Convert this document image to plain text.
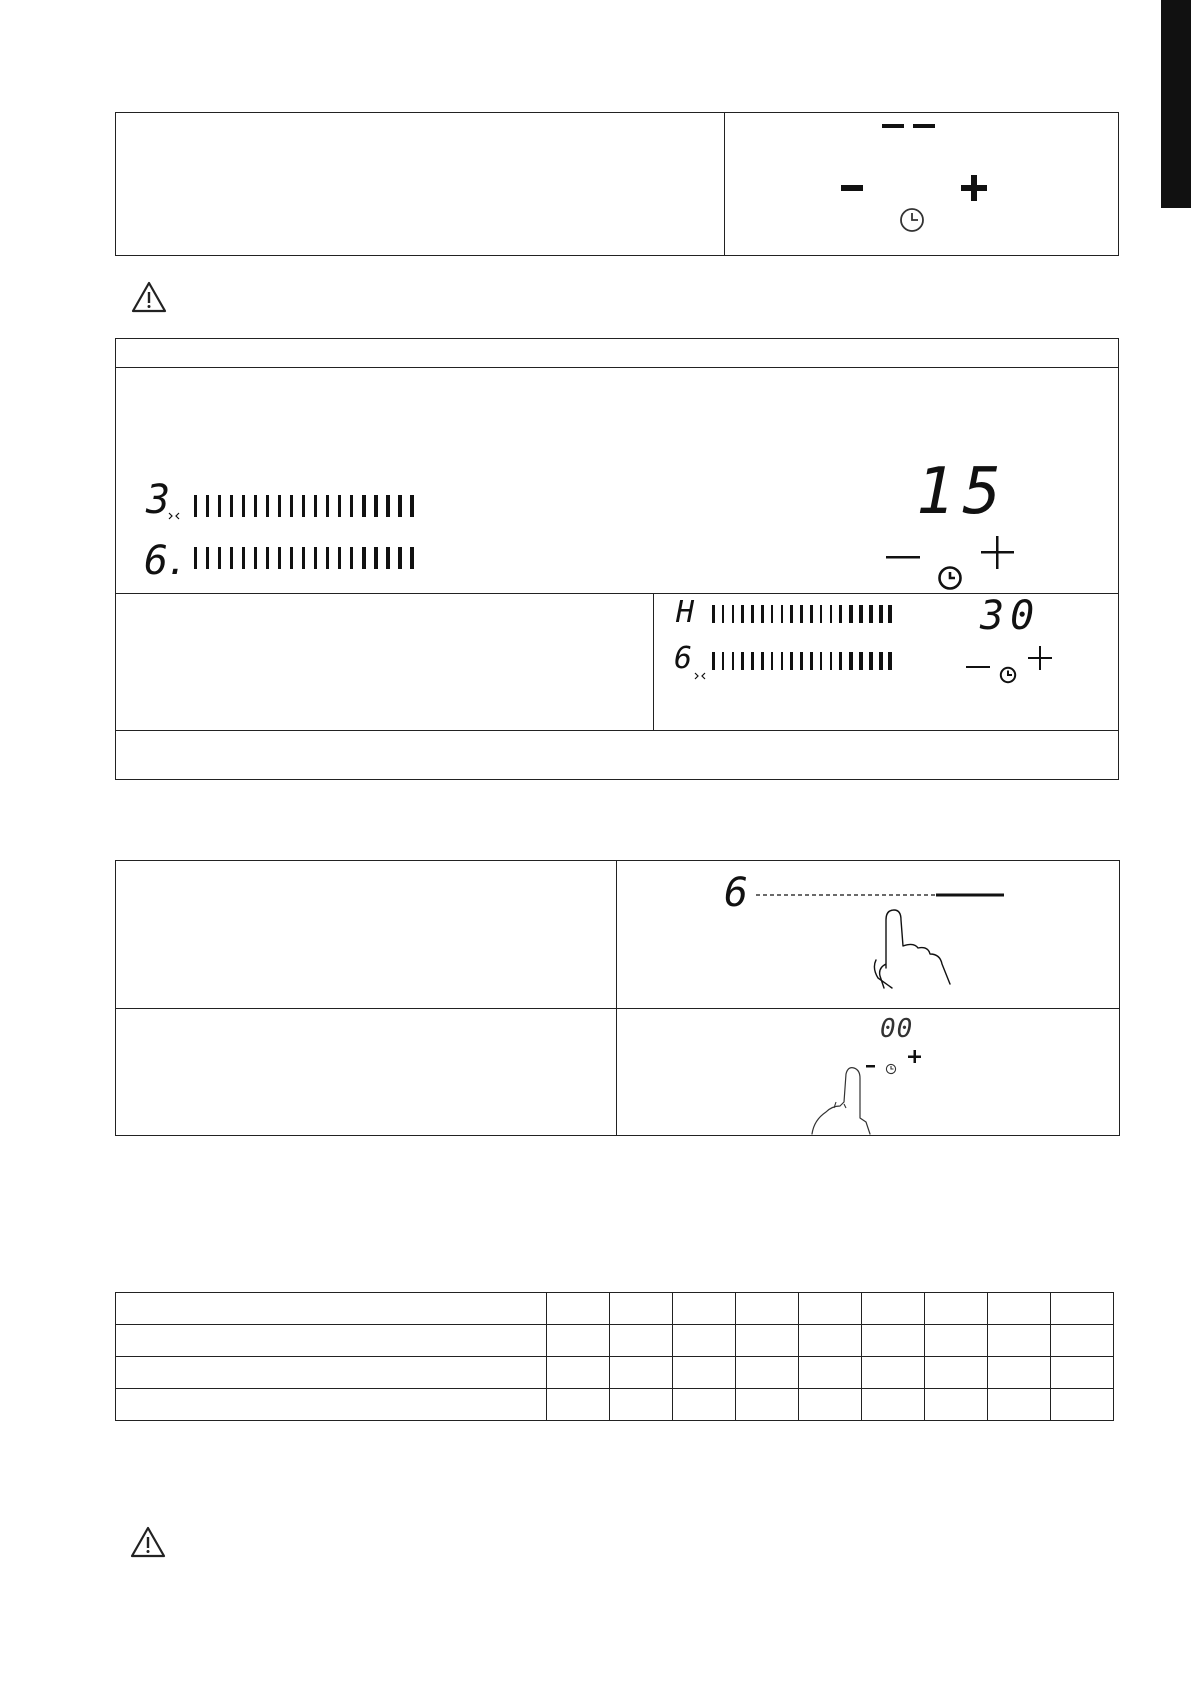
3
6
.
15
H
6
30
6
00
